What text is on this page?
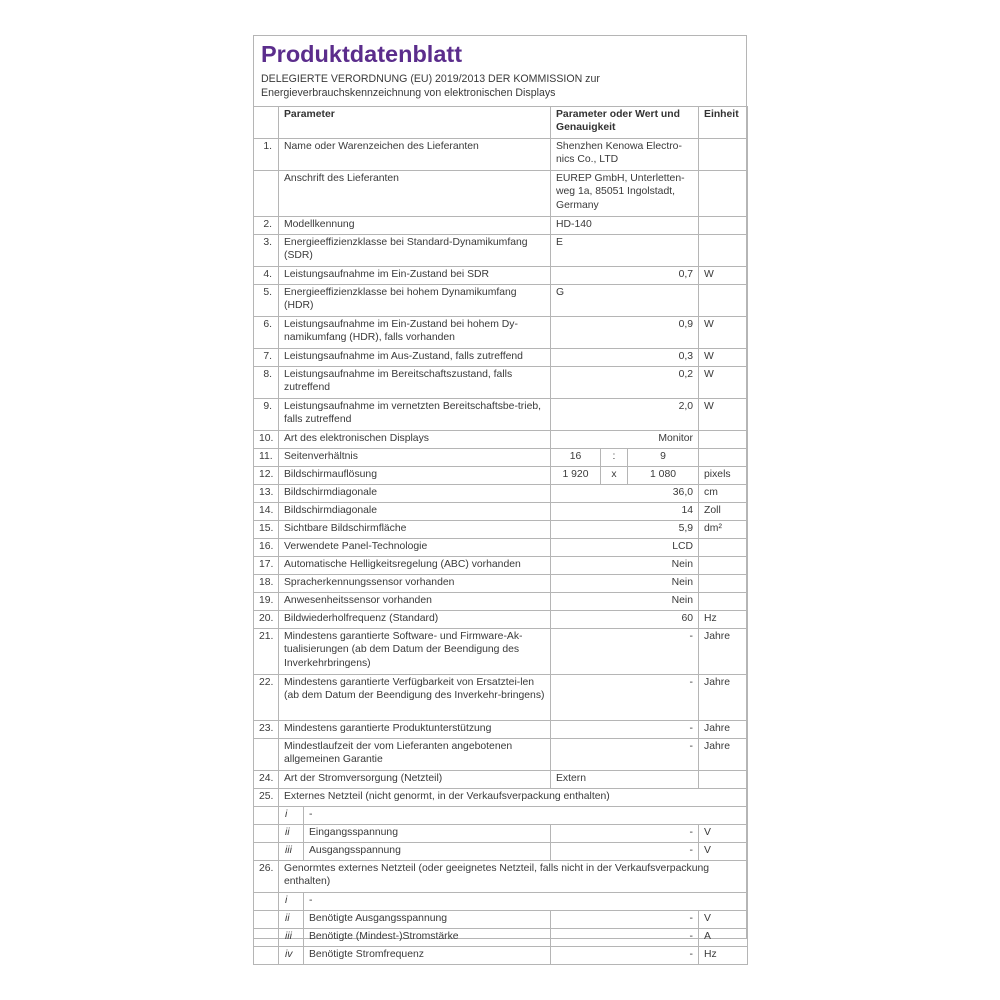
Produktdatenblatt
DELEGIERTE VERORDNUNG (EU) 2019/2013 DER KOMMISSION zur Energieverbrauchskennzeichnung von elektronischen Displays
	Parameter		Parameter oder Wert und Genauigkeit			Einheit
1.	Name oder Warenzeichen des Lieferanten		Shenzhen Kenowa Electro-nics Co., LTD			
	Anschrift des Lieferanten		EUREP GmbH, Unterletten-weg 1a, 85051 Ingolstadt, Germany			
2.	Modellkennung		HD-140			
3.	Energieeffizienzklasse bei Standard-Dynamikumfang (SDR)		E			
4.	Leistungsaufnahme im Ein-Zustand bei SDR		0,7			W
5.	Energieeffizienzklasse bei hohem Dynamikumfang (HDR)		G			
6.	Leistungsaufnahme im Ein-Zustand bei hohem Dy-namikumfang (HDR), falls vorhanden		0,9			W
7.	Leistungsaufnahme im Aus-Zustand, falls zutreffend		0,3			W
8.	Leistungsaufnahme im Bereitschaftszustand, falls zutreffend		0,2			W
9.	Leistungsaufnahme im vernetzten Bereitschaftsbe-trieb, falls zutreffend		2,0			W
10.	Art des elektronischen Displays		Monitor			
11.	Seitenverhältnis		16	:	9	
12.	Bildschirmauflösung		1 920	x	1 080	pixels
13.	Bildschirmdiagonale		36,0			cm
14.	Bildschirmdiagonale		14			Zoll
15.	Sichtbare Bildschirmfläche		5,9			dm²
16.	Verwendete Panel-Technologie		LCD			
17.	Automatische Helligkeitsregelung (ABC) vorhanden		Nein			
18.	Spracherkennungssensor vorhanden		Nein			
19.	Anwesenheitssensor vorhanden		Nein			
20.	Bildwiederholfrequenz (Standard)		60			Hz
21.	Mindestens garantierte Software- und Firmware-Ak-tualisierungen (ab dem Datum der Beendigung des Inverkehrbringens)		-			Jahre
22.	Mindestens garantierte Verfügbarkeit von Ersatztei-len (ab dem Datum der Beendigung des Inverkehr-bringens)		-			Jahre
23.	Mindestens garantierte Produktunterstützung		-			Jahre
	Mindestlaufzeit der vom Lieferanten angebotenen allgemeinen Garantie		-			Jahre
24.	Art der Stromversorgung (Netzteil)		Extern			
25.	Externes Netzteil (nicht genormt, in der Verkaufsverpackung enthalten)					
	i	-				
	ii	Eingangsspannung	-			V
	iii	Ausgangsspannung	-			V
26.	Genormtes externes Netzteil (oder geeignetes Netzteil, falls nicht in der Verkaufsverpackung enthalten)					
	i	-				
	ii	Benötigte Ausgangsspannung	-			V
	iii	Benötigte (Mindest-)Stromstärke	-			A
	iv	Benötigte Stromfrequenz	-			Hz
